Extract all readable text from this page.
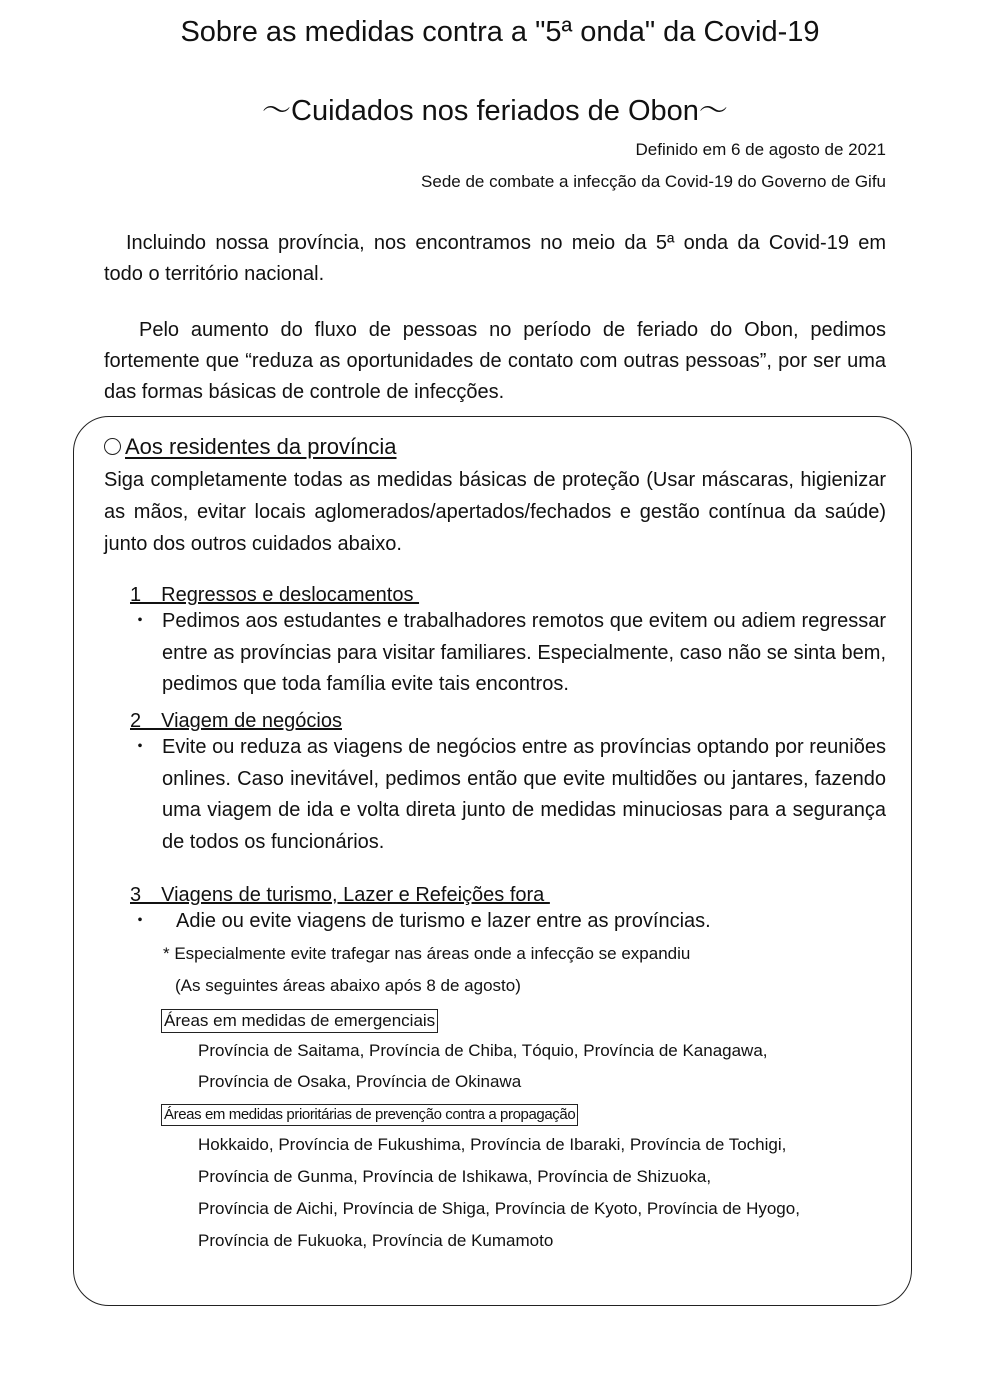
Sobre as medidas contra a "5ª onda" da Covid-19
〜Cuidados nos feriados de Obon〜
Definido em 6 de agosto de 2021
Sede de combate a infecção da Covid-19 do Governo de Gifu
Incluindo nossa província, nos encontramos no meio da 5ª onda da Covid-19 em todo o território nacional.
Pelo aumento do fluxo de pessoas no período de feriado do Obon, pedimos fortemente que “reduza as oportunidades de contato com outras pessoas”, por ser uma das formas básicas de controle de infecções.
Aos residentes da província
Siga completamente todas as medidas básicas de proteção (Usar máscaras, higienizar as mãos, evitar locais aglomerados/apertados/fechados e gestão contínua da saúde) junto dos outros cuidados abaixo.
1　Regressos e deslocamentos
・ Pedimos aos estudantes e trabalhadores remotos que evitem ou adiem regressar entre as províncias para visitar familiares. Especialmente, caso não se sinta bem, pedimos que toda família evite tais encontros.
2　Viagem de negócios
・ Evite ou reduza as viagens de negócios entre as províncias optando por reuniões onlines. Caso inevitável, pedimos então que evite multidões ou jantares, fazendo uma viagem de ida e volta direta junto de medidas minuciosas para a segurança de todos os funcionários.
3　Viagens de turismo, Lazer e Refeições fora
・ Adie ou evite viagens de turismo e lazer entre as províncias.
* Especialmente evite trafegar nas áreas onde a infecção se expandiu
(As seguintes áreas abaixo após 8 de agosto)
Áreas em medidas de emergenciais
Província de Saitama, Província de Chiba, Tóquio, Província de Kanagawa,
Província de Osaka, Província de Okinawa
Áreas em medidas prioritárias de prevenção contra a propagação
Hokkaido, Província de Fukushima, Província de Ibaraki, Província de Tochigi,
Província de Gunma, Província de Ishikawa, Província de Shizuoka,
Província de Aichi, Província de Shiga, Província de Kyoto, Província de Hyogo,
Província de Fukuoka, Província de Kumamoto
